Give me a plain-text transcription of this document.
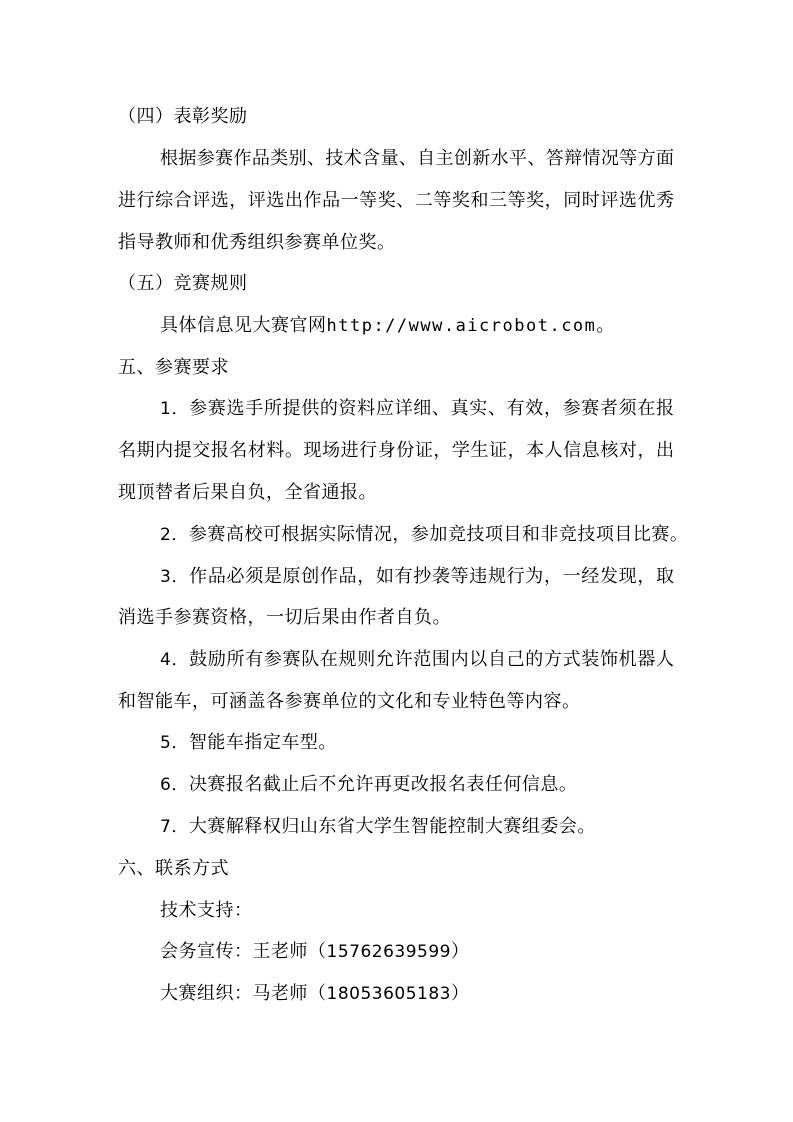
（四）表彰奖励
根据参赛作品类别、技术含量、自主创新水平、答辩情况等方面
进行综合评选，评选出作品一等奖、二等奖和三等奖，同时评选优秀
指导教师和优秀组织参赛单位奖。
（五）竞赛规则
具体信息见大赛官网http://www.aicrobot.com。
五、参赛要求
1．参赛选手所提供的资料应详细、真实、有效，参赛者须在报
名期内提交报名材料。现场进行身份证，学生证，本人信息核对，出
现顶替者后果自负，全省通报。
2．参赛高校可根据实际情况，参加竞技项目和非竞技项目比赛。
3．作品必须是原创作品，如有抄袭等违规行为，一经发现，取
消选手参赛资格，一切后果由作者自负。
4．鼓励所有参赛队在规则允许范围内以自己的方式装饰机器人
和智能车，可涵盖各参赛单位的文化和专业特色等内容。
5．智能车指定车型。
6．决赛报名截止后不允许再更改报名表任何信息。
7．大赛解释权归山东省大学生智能控制大赛组委会。
六、联系方式
技术支持：
会务宣传：王老师（15762639599）
大赛组织：马老师（18053605183）
